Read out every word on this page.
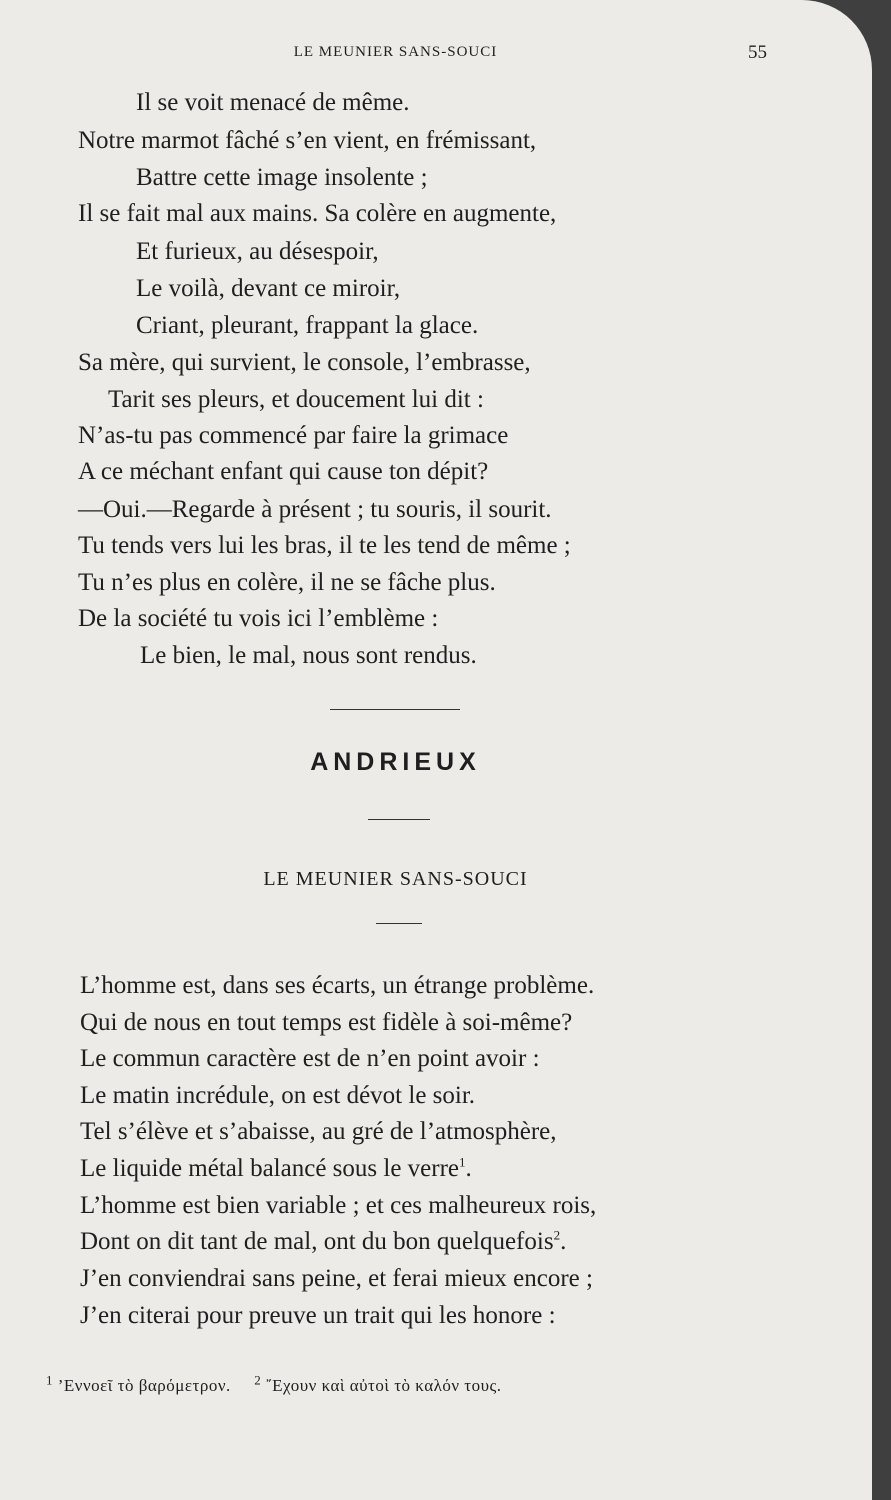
LE MEUNIER SANS-SOUCI	55
Il se voit menacé de même.
Notre marmot fâché s’en vient, en frémissant,
Battre cette image insolente ;
Il se fait mal aux mains. Sa colère en augmente,
Et furieux, au désespoir,
Le voilà, devant ce miroir,
Criant, pleurant, frappant la glace.
Sa mère, qui survient, le console, l’embrasse,
Tarit ses pleurs, et doucement lui dit :
N’as-tu pas commencé par faire la grimace
A ce méchant enfant qui cause ton dépit?
—Oui.—Regarde à présent ; tu souris, il sourit.
Tu tends vers lui les bras, il te les tend de même ;
Tu n’es plus en colère, il ne se fâche plus.
De la société tu vois ici l’emblème :
Le bien, le mal, nous sont rendus.
ANDRIEUX
LE MEUNIER SANS-SOUCI
L’homme est, dans ses écarts, un étrange problème.
Qui de nous en tout temps est fidèle à soi-même?
Le commun caractère est de n’en point avoir :
Le matin incrédule, on est dévot le soir.
Tel s’élève et s’abaisse, au gré de l’atmosphère,
Le liquide métal balancé sous le verre$^1$.
L’homme est bien variable ; et ces malheureux rois,
Dont on dit tant de mal, ont du bon quelquefois$^2$.
J’en conviendrai sans peine, et ferai mieux encore ;
J’en citerai pour preuve un trait qui les honore :
$^1$ ’Εννοεῖ τὸ βαρόμετρον. $^2$ ῎Εχουν καὶ αὐτοὶ τὸ καλόν τους.
